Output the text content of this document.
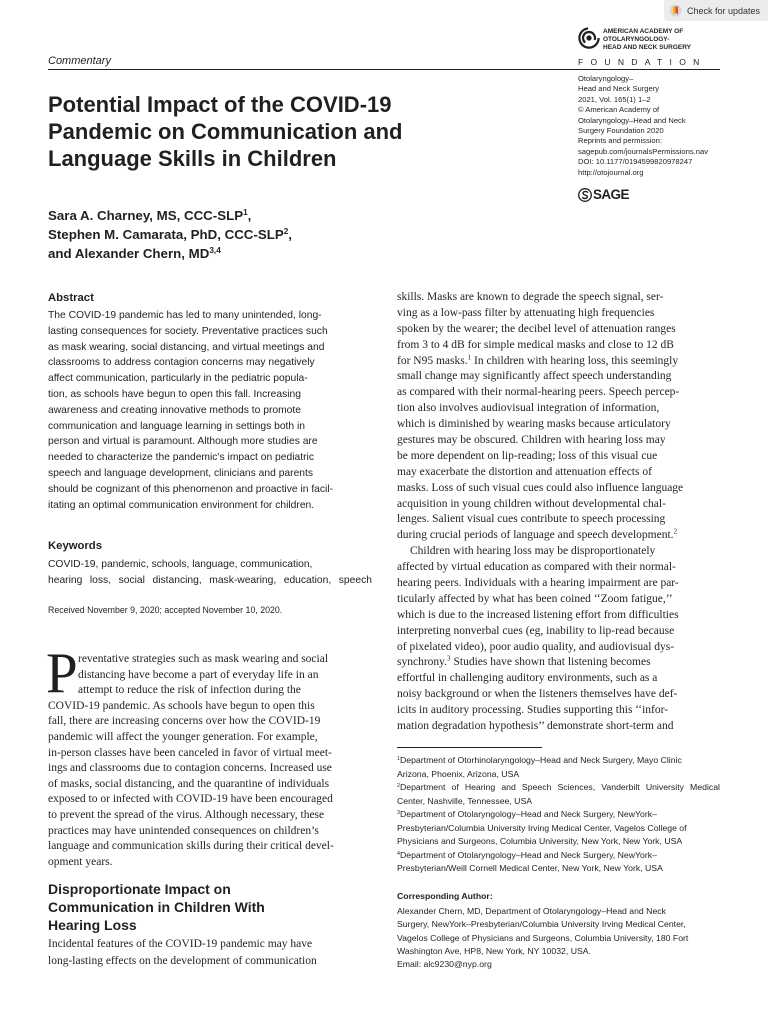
Check for updates
Commentary
AMERICAN ACADEMY OF
OTOLARYNGOLOGY-
HEAD AND NECK SURGERY
FOUNDATION
Otolaryngology–
Head and Neck Surgery
2021, Vol. 165(1) 1–2
© American Academy of
Otolaryngology–Head and Neck
Surgery Foundation 2020
Reprints and permission:
sagepub.com/journalsPermissions.nav
DOI: 10.1177/0194599820978247
http://otojournal.org
SAGE
Potential Impact of the COVID-19
Pandemic on Communication and
Language Skills in Children
Sara A. Charney, MS, CCC-SLP$^1$,
Stephen M. Camarata, PhD, CCC-SLP$^2$,
and Alexander Chern, MD$^{3,4}$
Abstract
The COVID-19 pandemic has led to many unintended, long-
lasting consequences for society. Preventative practices such
as mask wearing, social distancing, and virtual meetings and
classrooms to address contagion concerns may negatively
affect communication, particularly in the pediatric popula-
tion, as schools have begun to open this fall. Increasing
awareness and creating innovative methods to promote
communication and language learning in settings both in
person and virtual is paramount. Although more studies are
needed to characterize the pandemic’s impact on pediatric
speech and language development, clinicians and parents
should be cognizant of this phenomenon and proactive in facil-
itating an optimal communication environment for children.
Keywords
COVID-19, pandemic, schools, language, communication,
hearing loss, social distancing, mask-wearing, education, speech
Received November 9, 2020; accepted November 10, 2020.
P reventative strategies such as mask wearing and social
distancing have become a part of everyday life in an
attempt to reduce the risk of infection during the
COVID-19 pandemic. As schools have begun to open this
fall, there are increasing concerns over how the COVID-19
pandemic will affect the younger generation. For example,
in-person classes have been canceled in favor of virtual meet-
ings and classrooms due to contagion concerns. Increased use
of masks, social distancing, and the quarantine of individuals
exposed to or infected with COVID-19 have been encouraged
to prevent the spread of the virus. Although necessary, these
practices may have unintended consequences on children’s
language and communication skills during their critical devel-
opment years.
Disproportionate Impact on
Communication in Children With
Hearing Loss
Incidental features of the COVID-19 pandemic may have
long-lasting effects on the development of communication
skills. Masks are known to degrade the speech signal, ser-
ving as a low-pass filter by attenuating high frequencies
spoken by the wearer; the decibel level of attenuation ranges
from 3 to 4 dB for simple medical masks and close to 12 dB
for N95 masks.$^1$ In children with hearing loss, this seemingly
small change may significantly affect speech understanding
as compared with their normal-hearing peers. Speech percep-
tion also involves audiovisual integration of information,
which is diminished by wearing masks because articulatory
gestures may be obscured. Children with hearing loss may
be more dependent on lip-reading; loss of this visual cue
may exacerbate the distortion and attenuation effects of
masks. Loss of such visual cues could also influence language
acquisition in young children without developmental chal-
lenges. Salient visual cues contribute to speech processing
during crucial periods of language and speech development.$^2$
Children with hearing loss may be disproportionately
affected by virtual education as compared with their normal-
hearing peers. Individuals with a hearing impairment are par-
ticularly affected by what has been coined ‘‘Zoom fatigue,’’
which is due to the increased listening effort from difficulties
interpreting nonverbal cues (eg, inability to lip-read because
of pixelated video), poor audio quality, and audiovisual dys-
synchrony.$^3$ Studies have shown that listening becomes
effortful in challenging auditory environments, such as a
noisy background or when the listeners themselves have def-
icits in auditory processing. Studies supporting this ‘‘infor-
mation degradation hypothesis’’ demonstrate short-term and
$^1$Department of Otorhinolaryngology–Head and Neck Surgery, Mayo Clinic
Arizona, Phoenix, Arizona, USA
$^2$Department of Hearing and Speech Sciences, Vanderbilt University Medical
Center, Nashville, Tennessee, USA
$^3$Department of Otolaryngology–Head and Neck Surgery, NewYork–
Presbyterian/Columbia University Irving Medical Center, Vagelos College of
Physicians and Surgeons, Columbia University, New York, New York, USA
$^4$Department of Otolaryngology–Head and Neck Surgery, NewYork–
Presbyterian/Weill Cornell Medical Center, New York, New York, USA
Corresponding Author:
Alexander Chern, MD, Department of Otolaryngology–Head and Neck
Surgery, NewYork–Presbyterian/Columbia University Irving Medical Center,
Vagelos College of Physicians and Surgeons, Columbia University, 180 Fort
Washington Ave, HP8, New York, NY 10032, USA.
Email: alc9230@nyp.org
